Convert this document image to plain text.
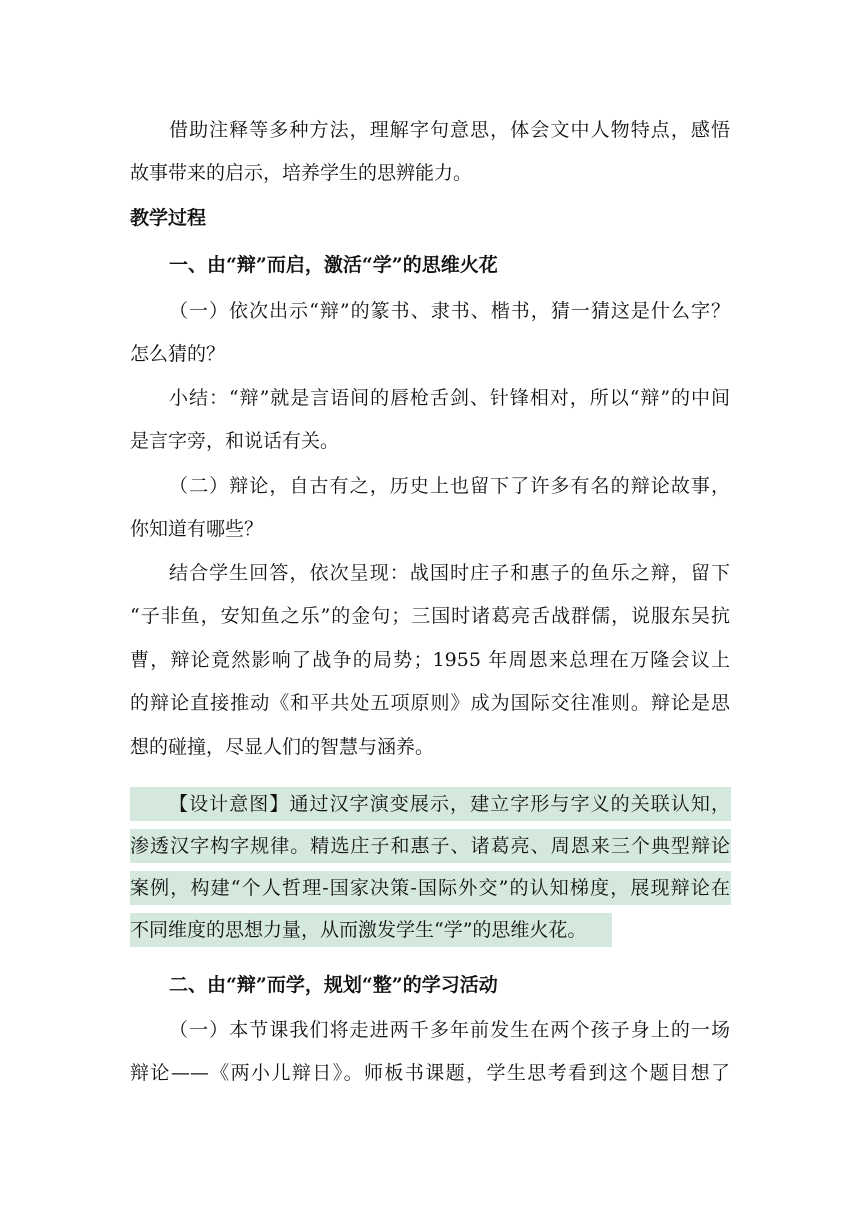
借助注释等多种方法，理解字句意思，体会文中人物特点，感悟
故事带来的启示，培养学生的思辨能力。
教学过程
一、由“辩”而启，激活“学”的思维火花
（一）依次出示“辩”的篆书、隶书、楷书，猜一猜这是什么字？
怎么猜的？
小结：“辩”就是言语间的唇枪舌剑、针锋相对，所以“辩”的中间
是言字旁，和说话有关。
（二）辩论，自古有之，历史上也留下了许多有名的辩论故事，
你知道有哪些？
结合学生回答，依次呈现：战国时庄子和惠子的鱼乐之辩，留下
“子非鱼，安知鱼之乐”的金句；三国时诸葛亮舌战群儒，说服东吴抗
曹，辩论竟然影响了战争的局势；1955 年周恩来总理在万隆会议上
的辩论直接推动《和平共处五项原则》成为国际交往准则。辩论是思
想的碰撞，尽显人们的智慧与涵养。
【设计意图】通过汉字演变展示，建立字形与字义的关联认知，
渗透汉字构字规律。精选庄子和惠子、诸葛亮、周恩来三个典型辩论
案例，构建“个人哲理-国家决策-国际外交”的认知梯度，展现辩论在
不同维度的思想力量，从而激发学生“学”的思维火花。
二、由“辩”而学，规划“整”的学习活动
（一）本节课我们将走进两千多年前发生在两个孩子身上的一场
辩论——《两小儿辩日》。师板书课题，学生思考看到这个题目想了
